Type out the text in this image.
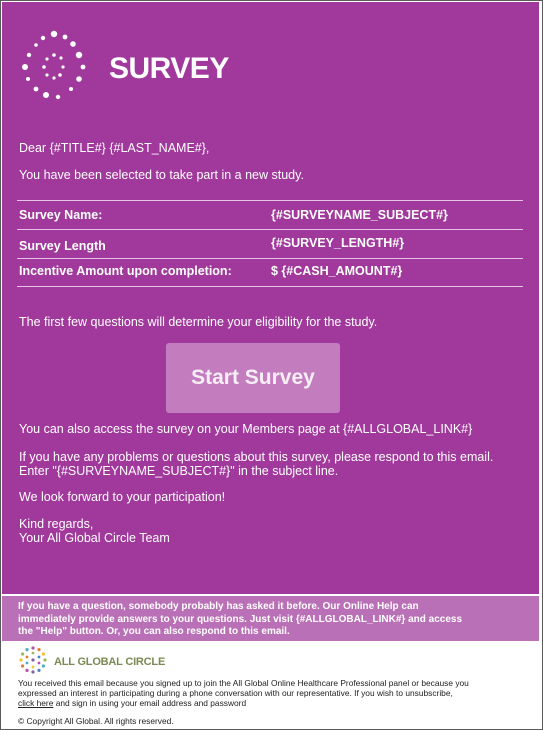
SURVEY
Dear {#TITLE#} {#LAST_NAME#},
You have been selected to take part in a new study.
Survey Name:	{#SURVEYNAME_SUBJECT#}
Survey Length	{#SURVEY_LENGTH#}
Incentive Amount upon completion:	$ {#CASH_AMOUNT#}
The first few questions will determine your eligibility for the study.
Start Survey
You can also access the survey on your Members page at {#ALLGLOBAL_LINK#}
If you have any problems or questions about this survey, please respond to this email.
Enter "{#SURVEYNAME_SUBJECT#}" in the subject line.
We look forward to your participation!
Kind regards,
Your All Global Circle Team
If you have a question, somebody probably has asked it before. Our Online Help can
immediately provide answers to your questions. Just visit {#ALLGLOBAL_LINK#} and access
the "Help" button. Or, you can also respond to this email.
ALL GLOBAL CIRCLE
You received this email because you signed up to join the All Global Online Healthcare Professional panel or because you
expressed an interest in participating during a phone conversation with our representative. If you wish to unsubscribe,
click here and sign in using your email address and password
© Copyright All Global. All rights reserved.
